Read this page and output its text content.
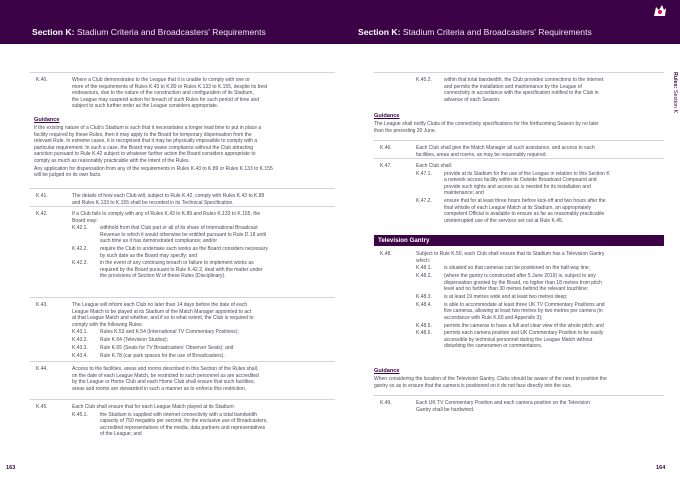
Section K: Stadium Criteria and Broadcasters' Requirements	Section K: Stadium Criteria and Broadcasters' Requirements
Rules: Section K
K.40.	Where a Club demonstrates to the League that it is unable to comply with one or
more of the requirements of Rules K.43 to K.89 or Rules K.133 to K.155, despite its best
endeavours, due to the nature of the construction and configuration of its Stadium,
the League may suspend action for breach of such Rules for such period of time and
subject to such further order as the League considers appropriate.
Guidance
If the existing nature of a Club's Stadium is such that it necessitates a longer lead time to put in place a
facility required by these Rules, then it may apply to the Board for temporary dispensation from the
relevant Rule. In extreme cases, it is recognised that it may be physically impossible to comply with a
particular requirement. In such a case, the Board may waive compliance without the Club attracting
sanction pursuant to Rule K.42 subject to whatever further action the Board considers appropriate to
comply as much as reasonably practicable with the intent of the Rules.
Any application for dispensation from any of the requirements in Rules K.43 to K.89 or Rules K.133 to K.155
will be judged on its own facts.
K.41.	The details of how each Club will, subject to Rule K.42, comply with Rules K.43 to K.89
and Rules K.133 to K.155 shall be recorded in its Technical Specification.
K.42.	If a Club fails to comply with any of Rules K.43 to K.89 and Rules K.133 to K.155, the
Board may:
K.42.1. withhold from that Club part or all of its share of International Broadcast
Revenue to which it would otherwise be entitled pursuant to Rule D.18 until
such time as it has demonstrated compliance; and/or
K.42.2. require the Club to undertake such works as the Board considers necessary
by such date as the Board may specify; and
K.42.3. in the event of any continuing breach or failure to implement works as
required by the Board pursuant to Rule K.42.2, deal with the matter under
the provisions of Section W of these Rules (Disciplinary).
K.43.	The League will inform each Club no later than 14 days before the date of each
League Match to be played at its Stadium of the Match Manager appointed to act
at that League Match and whether, and if so to what extent, the Club is required to
comply with the following Rules:
K.43.1. Rules K.53 and K.54 (International TV Commentary Positions);
K.43.2. Rule K.64 (Television Studios);
K.43.3. Rule K.65 (Seats for TV Broadcasters' Observer Seats); and
K.43.4. Rule K.78 (car park spaces for the use of Broadcasters).
K.44.	Access to the facilities, areas and rooms described in this Section of the Rules shall,
on the date of each League Match, be restricted to such personnel as are accredited
by the League or Home Club and each Home Club shall ensure that such facilities,
areas and rooms are stewarded in such a manner as to enforce this restriction.
K.45.	Each Club shall ensure that for each League Match played at its Stadium:
K.45.1. the Stadium is supplied with internet connectivity with a total bandwidth
capacity of 750 megabits per second, for the exclusive use of Broadcasters,
accredited representatives of the media, data partners and representatives
of the League; and
163
K.45.2. within that total bandwidth, the Club provides connections to the internet
and permits the installation and maintenance by the League of
connectivity in accordance with the specification notified to the Club in
advance of each Season.
Guidance
The League shall notify Clubs of the connectivity specifications for the forthcoming Season by no later
than the preceding 30 June.
K.46.	Each Club shall give the Match Manager all such assistance, and access to such
facilities, areas and rooms, as may be reasonably required.
K.47.	Each Club shall:
K.47.1. provide at its Stadium for the use of the League in relation to this Section K
a network access facility within its Outside Broadcast Compound and
provide such rights and access as is needed for its installation and
maintenance; and
K.47.2. ensure that for at least three hours before kick-off and two hours after the
final whistle of each League Match at its Stadium, an appropriately
competent Official is available to ensure as far as reasonably practicable
uninterrupted use of the services set out at Rule K.45.
Television Gantry
K.48.	Subject to Rule K.50, each Club shall ensure that its Stadium has a Television Gantry
which:
K.48.1. is situated so that cameras can be positioned on the half-way line;
K.48.2. (where the gantry is constructed after 5 June 2019) is, subject to any
dispensation granted by the Board, no higher than 18 metres from pitch
level and no further than 30 metres behind the relevant touchline;
K.48.3. is at least 19 metres wide and at least two metres deep;
K.48.4. is able to accommodate at least three UK TV Commentary Positions and
five cameras, allowing at least two metres by two metres per camera (in
accordance with Rule K.60 and Appendix 3);
K.48.5. permits the cameras to have a full and clear view of the whole pitch; and
K.48.6. permits each camera position and UK Commentary Position to be easily
accessible by technical personnel during the League Match without
disturbing the cameramen or commentators.
Guidance
When considering the location of the Television Gantry, Clubs should be aware of the need to position the
gantry so as to ensure that the camera is positioned on it do not face directly into the sun.
K.49.	Each UK TV Commentary Position and each camera position on the Television
Gantry shall be hardwired.
164
